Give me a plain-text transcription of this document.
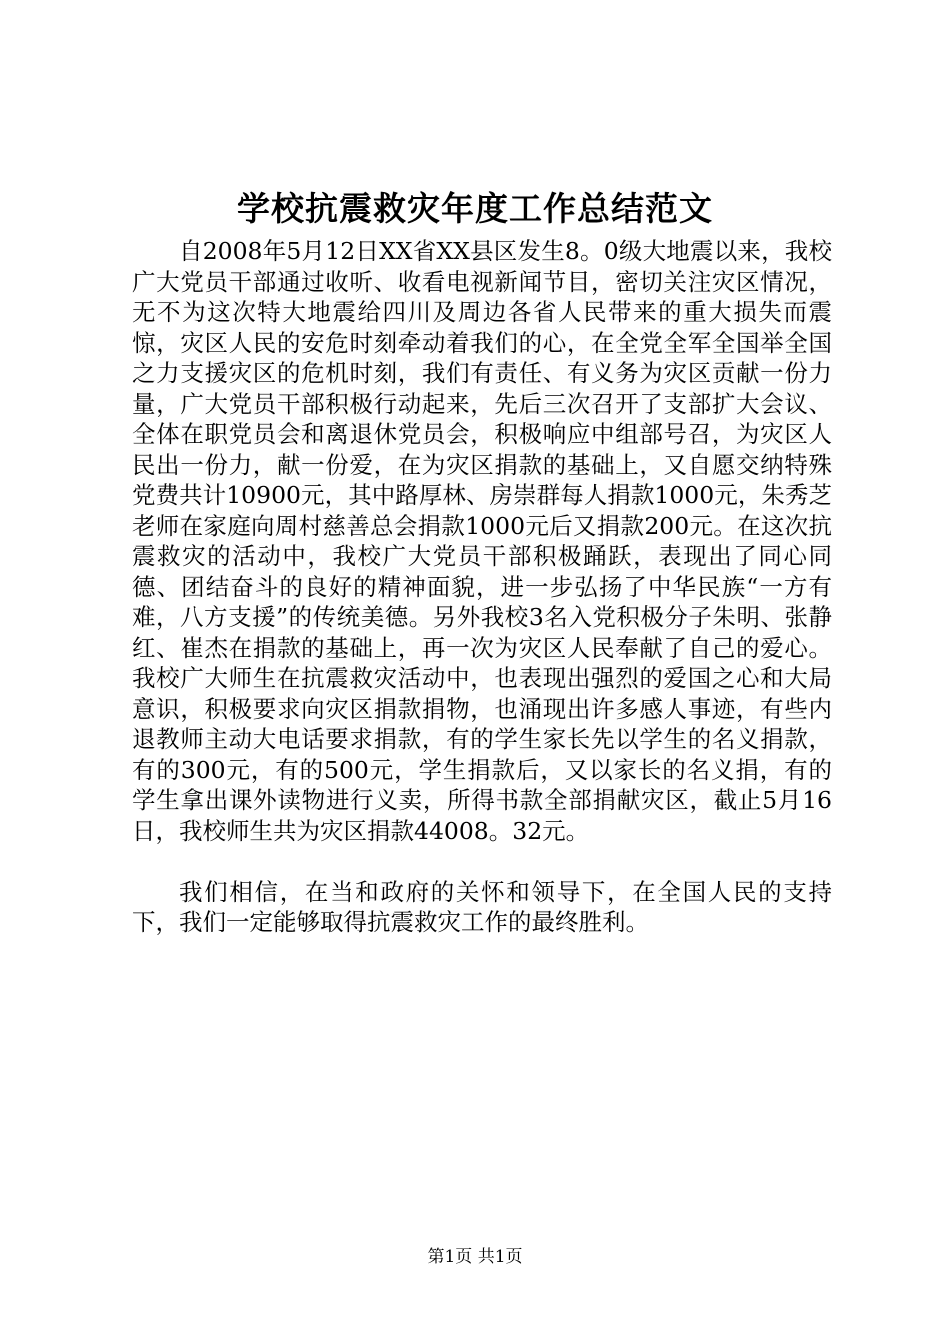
学校抗震救灾年度工作总结范文

自2008年5月12日XX省XX县区发生8。0级大地震以来，我校广大党员干部通过收听、收看电视新闻节目，密切关注灾区情况，无不为这次特大地震给四川及周边各省人民带来的重大损失而震惊，灾区人民的安危时刻牵动着我们的心，在全党全军全国举全国之力支援灾区的危机时刻，我们有责任、有义务为灾区贡献一份力量，广大党员干部积极行动起来，先后三次召开了支部扩大会议、全体在职党员会和离退休党员会，积极响应中组部号召，为灾区人民出一份力，献一份爱，在为灾区捐款的基础上，又自愿交纳特殊党费共计10900元，其中路厚林、房崇群每人捐款1000元，朱秀芝老师在家庭向周村慈善总会捐款1000元后又捐款200元。在这次抗震救灾的活动中，我校广大党员干部积极踊跃，表现出了同心同德、团结奋斗的良好的精神面貌，进一步弘扬了中华民族“一方有难，八方支援”的传统美德。另外我校3名入党积极分子朱明、张静红、崔杰在捐款的基础上，再一次为灾区人民奉献了自己的爱心。我校广大师生在抗震救灾活动中，也表现出强烈的爱国之心和大局意识，积极要求向灾区捐款捐物，也涌现出许多感人事迹，有些内退教师主动大电话要求捐款，有的学生家长先以学生的名义捐款，有的300元，有的500元，学生捐款后，又以家长的名义捐，有的学生拿出课外读物进行义卖，所得书款全部捐献灾区，截止5月16日，我校师生共为灾区捐款44008。32元。

我们相信，在当和政府的关怀和领导下，在全国人民的支持下，我们一定能够取得抗震救灾工作的最终胜利。

第1页 共1页
